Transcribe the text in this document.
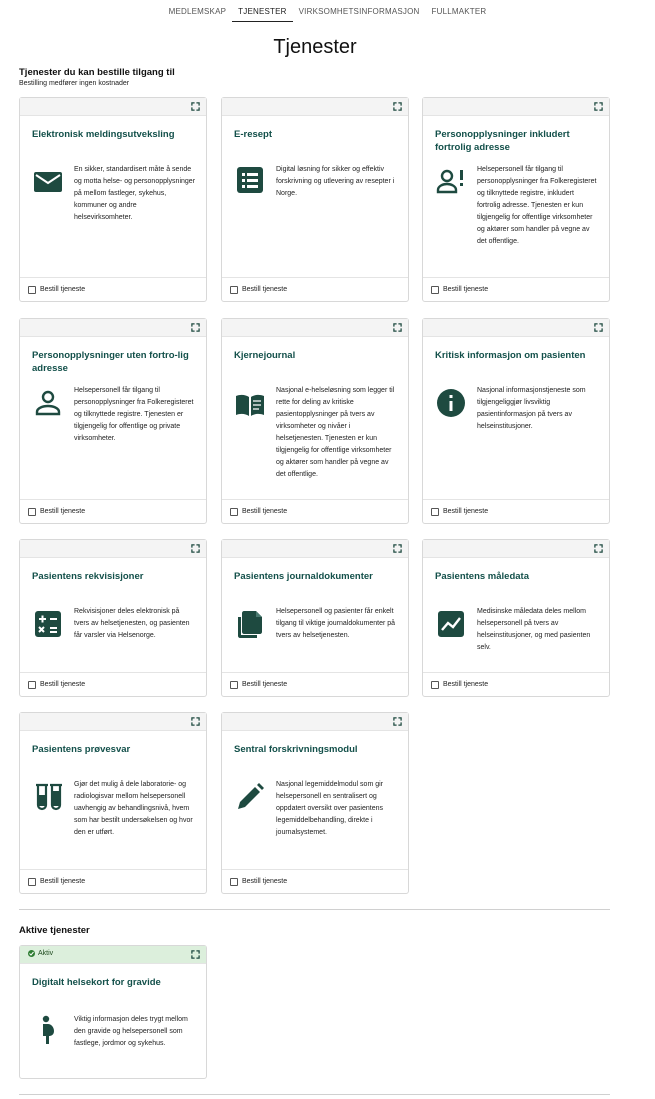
MEDLEMSKAP	TJENESTER	VIRKSOMHETSINFORMASJON	FULLMAKTER
Tjenester
Tjenester du kan bestille tilgang til

Bestilling medfører ingen kostnader

Elektronisk meldingsutveksling

En sikker, standardisert måte å sende og motta helse- og personopplysninger på mellom fastleger, sykehus, kommuner og andre helsevirksomheter.

Bestill tjeneste
E-resept

Digital løsning for sikker og effektiv forskrivning og utlevering av resepter i Norge.

Bestill tjeneste
Personopplysninger inkludert fortrolig adresse

Helsepersonell får tilgang til personopplysninger fra Folkeregisteret og tilknyttede registre, inkludert fortrolig adresse. Tjenesten er kun tilgjengelig for offentlige virksomheter og aktører som handler på vegne av det offentlige.

Bestill tjeneste
Personopplysninger uten fortro-lig adresse

Helsepersonell får tilgang til personopplysninger fra Folkeregisteret og tilknyttede registre. Tjenesten er tilgjengelig for offentlige og private virksomheter.

Bestill tjeneste
Kjernejournal

Nasjonal e-helseløsning som legger til rette for deling av kritiske pasientopplysninger på tvers av virksomheter og nivåer i helsetjenesten. Tjenesten er kun tilgjengelig for offentlige virksomheter og aktører som handler på vegne av det offentlige.

Bestill tjeneste
Kritisk informasjon om pasienten

Nasjonal informasjonstjeneste som tilgjengeliggjør livsviktig pasientinformasjon på tvers av helseinstitusjoner.

Bestill tjeneste
Pasientens rekvisisjoner

Rekvisisjoner deles elektronisk på tvers av helsetjenesten, og pasienten får varsler via Helsenorge.

Bestill tjeneste
Pasientens journaldokumenter

Helsepersonell og pasienter får enkelt tilgang til viktige journaldokumenter på tvers av helsetjenesten.

Bestill tjeneste
Pasientens måledata

Medisinske måledata deles mellom helsepersonell på tvers av helseinstitusjoner, og med pasienten selv.

Bestill tjeneste
Pasientens prøvesvar

Gjør det mulig å dele laboratorie- og radiologisvar mellom helsepersonell uavhengig av behandlingsnivå, hvem som har bestilt undersøkelsen og hvor den er utført.

Bestill tjeneste
Sentral forskrivningsmodul

Nasjonal legemiddelmodul som gir helsepersonell en sentralisert og oppdatert oversikt over pasientens legemiddelbehandling, direkte i journalsystemet.

Bestill tjeneste
Aktive tjenester
Aktiv
Digitalt helsekort for gravide

Viktig informasjon deles trygt mellom den gravide og helsepersonell som fastlege, jordmor og sykehus.
